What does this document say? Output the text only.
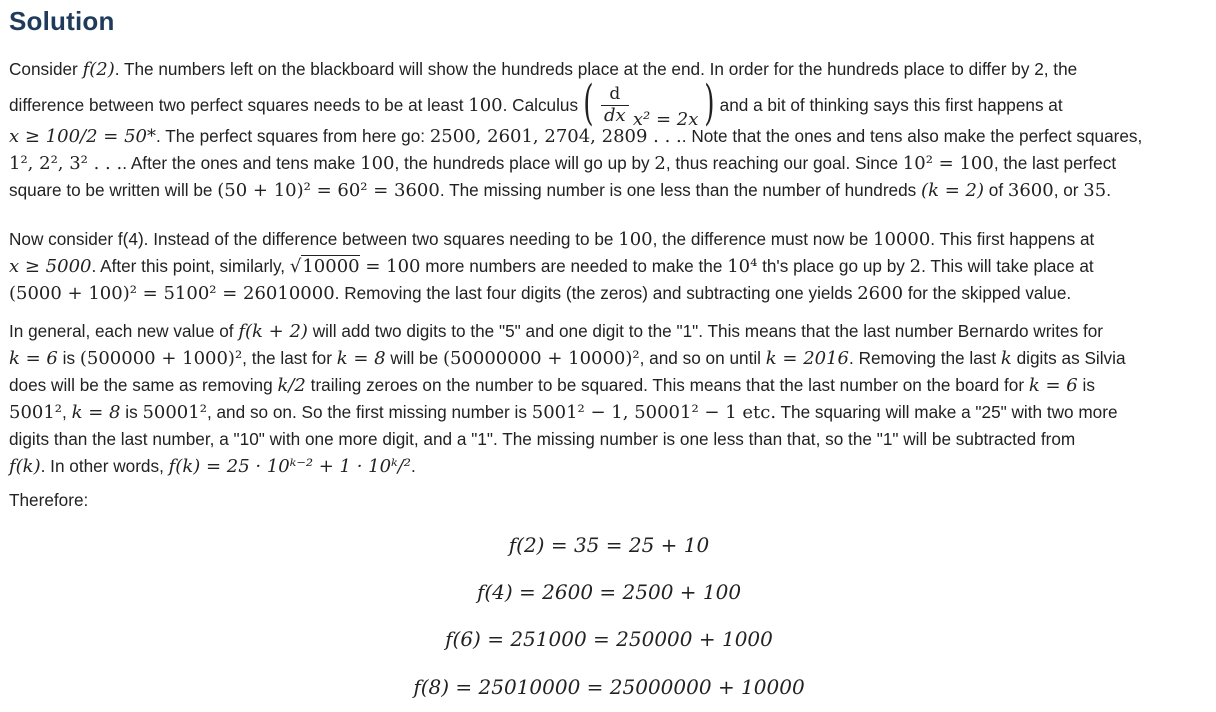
Solution
Consider f(2). The numbers left on the blackboard will show the hundreds place at the end. In order for the hundreds place to differ by 2, the
difference between two perfect squares needs to be at least 100. Calculus ( $\frac{d}{dx} x^2 = 2x$ ) and a bit of thinking says this first happens at
x ≥ 100/2 = 50*. The perfect squares from here go: 2500, 2601, 2704, 2809 . . .. Note that the ones and tens also make the perfect squares,
1², 2², 3² . . .. After the ones and tens make 100, the hundreds place will go up by 2, thus reaching our goal. Since 10² = 100, the last perfect
square to be written will be (50 + 10)² = 60² = 3600. The missing number is one less than the number of hundreds (k = 2) of 3600, or 35.
Now consider f(4). Instead of the difference between two squares needing to be 100, the difference must now be 10000. This first happens at
x ≥ 5000. After this point, similarly, √10000 = 100 more numbers are needed to make the 10⁴ th's place go up by 2. This will take place at
(5000 + 100)² = 5100² = 26010000. Removing the last four digits (the zeros) and subtracting one yields 2600 for the skipped value.
In general, each new value of f(k + 2) will add two digits to the "5" and one digit to the "1". This means that the last number Bernardo writes for
k = 6 is (500000 + 1000)², the last for k = 8 will be (50000000 + 10000)², and so on until k = 2016. Removing the last k digits as Silvia
does will be the same as removing k/2 trailing zeroes on the number to be squared. This means that the last number on the board for k = 6 is
5001², k = 8 is 50001², and so on. So the first missing number is 5001² − 1, 50001² − 1 etc. The squaring will make a "25" with two more
digits than the last number, a "10" with one more digit, and a "1". The missing number is one less than that, so the "1" will be subtracted from
f(k). In other words, f(k) = 25 · 10ᵏ⁻² + 1 · 10ᵏ/².
Therefore:
f(2) = 35 = 25 + 10
f(4) = 2600 = 2500 + 100
f(6) = 251000 = 250000 + 1000
f(8) = 25010000 = 25000000 + 10000
